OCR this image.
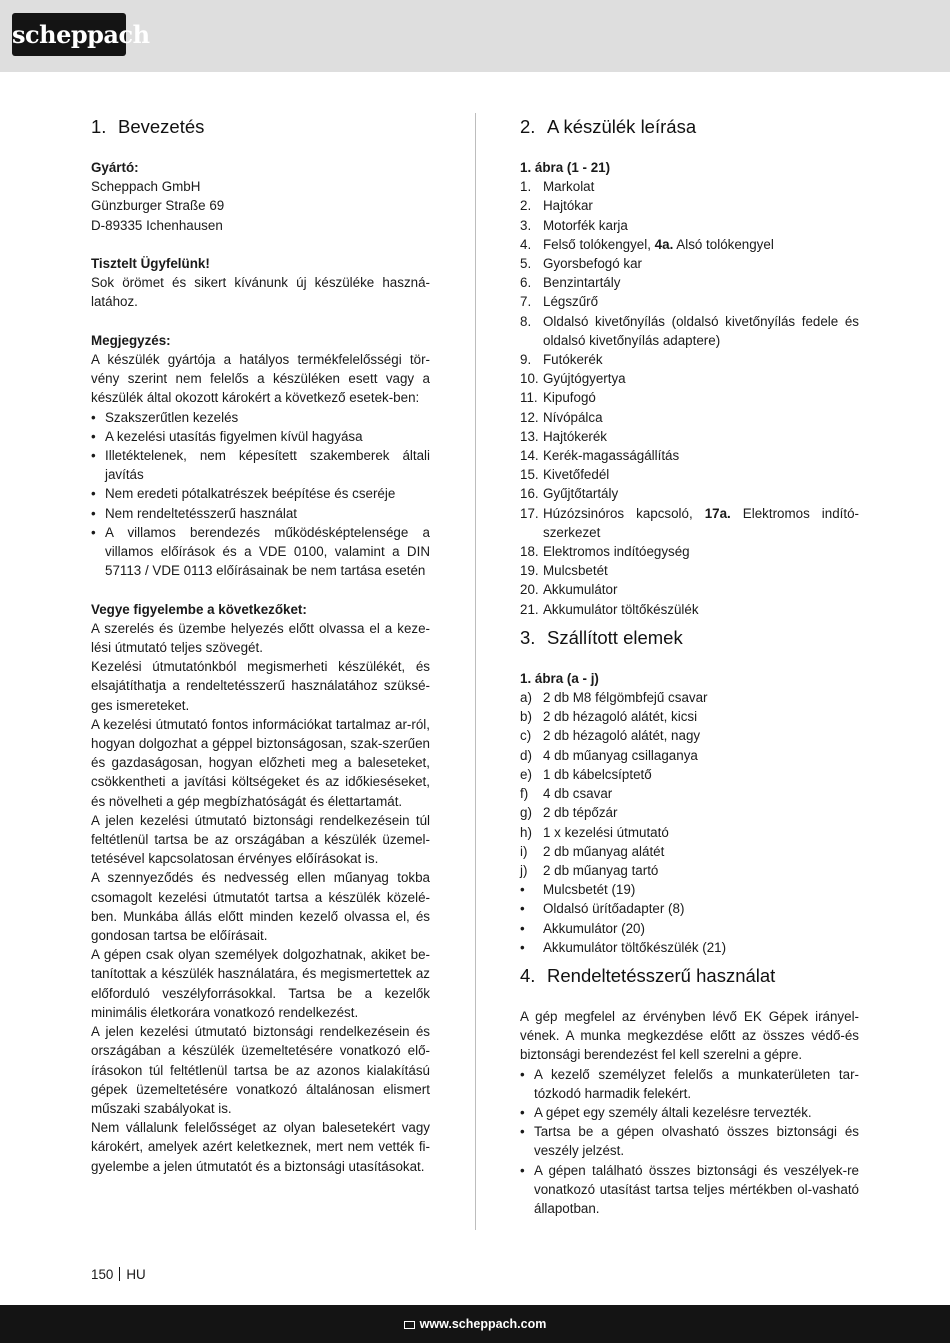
scheppach
1. Bevezetés
Gyártó:
Scheppach GmbH
Günzburger Straße 69
D-89335 Ichenhausen
Tisztelt Ügyfelünk!

Sok örömet és sikert kívánunk új készüléke haszná-latához.

Megjegyzés:

A készülék gyártója a hatályos termékfelelősségi tör-vény szerint nem felelős a készüléken esett vagy a készülék által okozott károkért a következő esetek-ben:

• Szakszerűtlen kezelés
• A kezelési utasítás figyelmen kívül hagyása
• Illetéktelenek, nem képesített szakemberek általi javítás
• Nem eredeti pótalkatrészek beépítése és cseréje
• Nem rendeltetésszerű használat
• A villamos berendezés működésképtelensége a villamos előírások és a VDE 0100, valamint a DIN 57113 / VDE 0113 előírásainak be nem tartása esetén
Vegye figyelembe a következőket:

A szerelés és üzembe helyezés előtt olvassa el a keze-lési útmutató teljes szövegét.

Kezelési útmutatónkból megismerheti készülékét, és elsajátíthatja a rendeltetésszerű használatához szüksé-ges ismereteket.

A kezelési útmutató fontos információkat tartalmaz ar-ról, hogyan dolgozhat a géppel biztonságosan, szak-szerűen és gazdaságosan, hogyan előzheti meg a baleseteket, csökkentheti a javítási költségeket és az időkieséseket, és növelheti a gép megbízhatóságát és élettartamát.

A jelen kezelési útmutató biztonsági rendelkezésein túl feltétlenül tartsa be az országában a készülék üzemel-tetésével kapcsolatosan érvényes előírásokat is.

A szennyeződés és nedvesség ellen műanyag tokba csomagolt kezelési útmutatót tartsa a készülék közelé-ben. Munkába állás előtt minden kezelő olvassa el, és gondosan tartsa be előírásait.

A gépen csak olyan személyek dolgozhatnak, akiket be-tanítottak a készülék használatára, és megismertettek az előforduló veszélyforrásokkal. Tartsa be a kezelők minimális életkorára vonatkozó rendelkezést.

A jelen kezelési útmutató biztonsági rendelkezésein és országában a készülék üzemeltetésére vonatkozó elő-írásokon túl feltétlenül tartsa be az azonos kialakítású gépek üzemeltetésére vonatkozó általánosan elismert műszaki szabályokat is.

Nem vállalunk felelősséget az olyan balesetekért vagy károkért, amelyek azért keletkeznek, mert nem vették fi-gyelembe a jelen útmutatót és a biztonsági utasításokat.

2. A készülék leírása
1. ábra (1 - 21)
1. Markolat
2. Hajtókar
3. Motorfék karja
4. Felső tolókengyel, 4a. Alsó tolókengyel
5. Gyorsbefogó kar
6. Benzintartály
7. Légszűrő
8. Oldalsó kivetőnyílás (oldalsó kivetőnyílás fedele és oldalsó kivetőnyílás adaptere)
9. Futókerék
10. Gyújtógyertya
11. Kipufogó
12. Nívópálca
13. Hajtókerék
14. Kerék-magasságállítás
15. Kivetőfedél
16. Gyűjtőtartály
17. Húzózsinóros kapcsoló, 17a. Elektromos indító-szerkezet
18. Elektromos indítóegység
19. Mulcsbetét
20. Akkumulátor
21. Akkumulátor töltőkészülék
3. Szállított elemek
1. ábra (a - j)
a) 2 db M8 félgömbfejű csavar
b) 2 db hézagoló alátét, kicsi
c) 2 db hézagoló alátét, nagy
d) 4 db műanyag csillaganya
e) 1 db kábelcsíptető
f) 4 db csavar
g) 2 db tépőzár
h) 1 x kezelési útmutató
i) 2 db műanyag alátét
j) 2 db műanyag tartó
• Mulcsbetét (19)
• Oldalsó ürítőadapter (8)
• Akkumulátor (20)
• Akkumulátor töltőkészülék (21)
4. Rendeltetésszerű használat

A gép megfelel az érvényben lévő EK Gépek irányel-vének. A munka megkezdése előtt az összes védő-és biztonsági berendezést fel kell szerelni a gépre.

• A kezelő személyzet felelős a munkaterületen tar-tózkodó harmadik felekért.
• A gépet egy személy általi kezelésre tervezték.
• Tartsa be a gépen olvasható összes biztonsági és veszély jelzést.
• A gépen található összes biztonsági és veszélyek-re vonatkozó utasítást tartsa teljes mértékben ol-vasható állapotban.
150 HU
www.scheppach.com
